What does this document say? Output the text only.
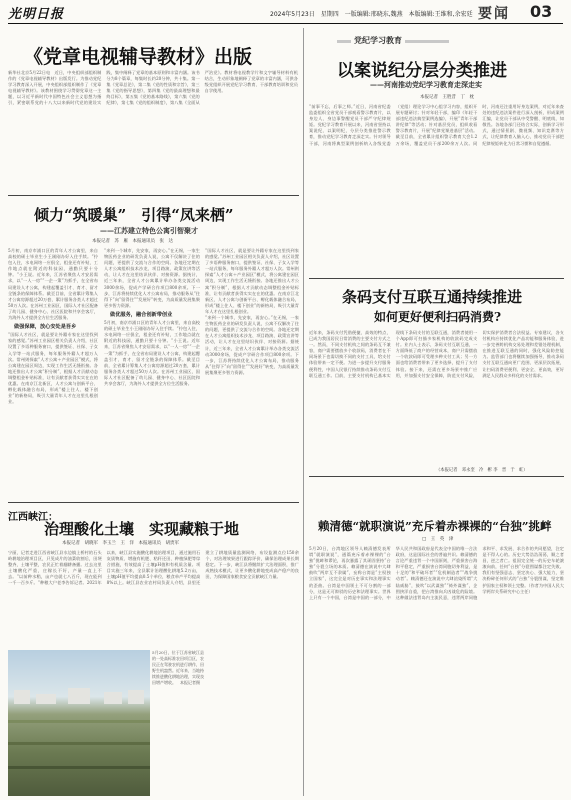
光明日报	2024年5月23日　星期四　一版编辑:邢晓东,魏燕　本版编辑:王维和,余宏廷 要闻 03
《党章电视辅导教材》出版
新华社北京5月22日电　近日，中央组织部组织制作的《党章电视辅导教材》出版发行。为推动党纪学习教育深入开展，中央组织部组织制作了《党章电视辅导教材》。该教材围绕学习贯彻党章这一主题，以习近平新时代中国特色社会主义思想为指引，紧密联系党的十八大以来新时代党的建设实践，集中阐释了党章的基本原则和丰富内涵。该书分为8个篇章，每集时长约20分钟，共十集。第一集《党章总论》，第二集《党的性质和宗旨》，第三集《党的指导思想》，第四集《党的最高理想和最终目标》，第五集《党的基本路线》，第六集《党的纪律》，第七集《党的组织制度》，第八集《全面从严治党》。教材将电视教学片和文字辅导材料有机结合，生动形象地阐释了党章的丰富内涵，可供各级党组织开展党纪学习教育、干部教育培训和党员自学使用。
倾力“筑暖巢”　引得“凤来栖”
——江苏建立特色公寓引智聚才
本报记者　苏　雁　本报通讯员　张　达
5月初，南京市浦口区的青年人才公寓里，来自高校的硕士毕业生小王刚刚办好入住手续。“拎包入住，水电网络一应俱全，租金还有补贴，工作地点就在附近的科技园，通勤只要十分钟。“小王说。近年来，江苏省聚焦人才安居需求，以“一人一房”“一企一策”为抓手，在全省布局建设人才公寓，构建起覆盖引才、育才、留才全链条的保障体系。截至目前，全省累计筹集人才公寓房源超过20万套，累计服务各类人才超过50万人次。在苏州工业园区，国际人才社区配备了幼儿园、健身中心、社区医院和共享会客厅，为海外人才提供全方位生活服务。
做强保障，放心安处是吾乡
“国际人才社区，就是要让外籍专家在这里找到家的感觉。”苏州工业园区相关负责人介绍，社区设置了多语种服务窗口，提供签证、社保、子女入学等一站式服务，每年服务外籍人才超万人次。常州则探索“人才公寓＋产业园区”模式，将公寓建在园区周边，实现工作生活无缝衔接。各地还推出人才公寓“积分制”，根据人才贡献动态调整租金补贴标准，让有贡献者获得实实在在的优惠。在南京江北新区，人才公寓与创新平台、孵化载体融合布局，形成“楼上住人、楼下创业”的新格局，吸引大量青年人才在这里扎根创业。
“来到一个城市，先安家，再安心。”在无锡，一家生物医药企业的研发负责人说，公寓不仅解决了住的问题，更提供了交流与合作的空间。各地还定期在人才公寓组织技术沙龙、项目路演、政策宣讲等活动，让人才在这里结识伙伴、对接资源。据统计，近三年来，全省人才公寓累计举办各类交流活动3000余场，促成产学研合作项目800余项。下一步，江苏将持续优化人才公寓布局，推动服务从“住得下”向“留得住”“发展好”转变，为高质量发展集聚更多智力资源。
做优服务，融合创新带创业
5月初，南京市浦口区的青年人才公寓里，来自高校的硕士毕业生小王刚刚办好入住手续。“拎包入住，水电网络一应俱全，租金还有补贴，工作地点就在附近的科技园，通勤只要十分钟。“小王说。近年来，江苏省聚焦人才安居需求，以“一人一房”“一企一策”为抓手，在全省布局建设人才公寓，构建起覆盖引才、育才、留才全链条的保障体系。截至目前，全省累计筹集人才公寓房源超过20万套，累计服务各类人才超过50万人次。在苏州工业园区，国际人才社区配备了幼儿园、健身中心、社区医院和共享会客厅，为海外人才提供全方位生活服务。
“国际人才社区，就是要让外籍专家在这里找到家的感觉。”苏州工业园区相关负责人介绍，社区设置了多语种服务窗口，提供签证、社保、子女入学等一站式服务，每年服务外籍人才超万人次。常州则探索“人才公寓＋产业园区”模式，将公寓建在园区周边，实现工作生活无缝衔接。各地还推出人才公寓“积分制”，根据人才贡献动态调整租金补贴标准，让有贡献者获得实实在在的优惠。在南京江北新区，人才公寓与创新平台、孵化载体融合布局，形成“楼上住人、楼下创业”的新格局，吸引大量青年人才在这里扎根创业。
“来到一个城市，先安家，再安心。”在无锡，一家生物医药企业的研发负责人说，公寓不仅解决了住的问题，更提供了交流与合作的空间。各地还定期在人才公寓组织技术沙龙、项目路演、政策宣讲等活动，让人才在这里结识伙伴、对接资源。据统计，近三年来，全省人才公寓累计举办各类交流活动3000余场，促成产学研合作项目800余项。下一步，江苏将持续优化人才公寓布局，推动服务从“住得下”向“留得住”“发展好”转变，为高质量发展集聚更多智力资源。
江西峡江：
治理酸化土壤　实现藏粮于地
本报记者　胡晓军　李玉兰　王　洋　本报通讯员　胡贵军
宁丽，记者走进江西省峡江县水边镇上桥村的石头岭耕地治理项目区，只见成片的油菜收割后，田埂整齐，土壤平整，农民正忙着翻耕备播。过去这里土壤酸化严重，庄稼长不好，产量一直上不去。“以前种水稻，亩产也就七八百斤，现在能到一千一百多斤。“种粮大户老李告诉记者。2021年以来，峡江县实施酸化耕地治理项目，通过施用石灰质物质、增施有机肥、秸秆还田、种植绿肥等综合措施，有效提高了土壤pH值和有机质含量。项目实施三年来，全县累计治理酸化耕地5.2万亩，土壤pH值平均提高0.5个单位，粮食单产平均提高8%以上。峡江县农业农村局负责人介绍，县里还建立了耕地质量监测网络，布设监测点位150余个，对治理效果进行跟踪评价，确保治理成果长期稳定。下一步，峡江县将继续扩大治理面积，推广成熟技术模式，让更多酸化耕地变成高产稳产的良田，为保障国家粮食安全贡献峡江力量。
5月20日，位于江苏省峡江县的一处高标准农田项目区，农民正在驾驶农机进行耕作，田野生机盎然。近年来，当地持续推进酸化耕地治理，实现良田增产增收。　本报记者摄
党纪学习教育
以案说纪分层分类推进
——河南推动党纪学习教育走深走实
本报记者　王胜昔　丁　枕
“前事不忘，后事之师。”近日，河南省纪委监委组织全省党员干部观看警示教育片，以身边人、身边事警醒党员干部严守纪律规矩。党纪学习教育开展以来，河南省坚持以案说纪、以案明纪，分层分类推进警示教育，推动党纪学习教育走深走实。针对领导干部，河南将典型案例剖析纳入各级党委（党组）理论学习中心组学习内容，组织开展专题研讨；针对年轻干部，编印《年轻干部违纪违法典型案例选编》，开展“青年干部讲纪律”等活动；针对基层党员，组织收看警示教育片，开展“纪律党课进基层”活动。截至目前，全省累计组织警示教育大会1.2万余场，覆盖党员干部200余万人次。同时，河南还注重用好身边案例，对近年来查处的违纪违法案件进行深入剖析，形成案例汇编，让党员干部从中受警醒、明底线、知敬畏。各地各部门还结合实际，创新学习形式，通过情景剧、微视频、知识竞赛等方式，让纪律教育入脑入心，推动党员干部把纪律规矩转化为日常习惯和自觉遵循。
条码支付互联互通持续推进
如何更好便利扫码消费?
近年来，条码支付凭借便捷、高效的特点，已成为我国居民日常消费的主要支付方式之一。然而，不同支付机构之间的条码互不兼容，商户需要摆放多个收款码，消费者在不同场景下也需切换不同的支付工具，给支付体验带来一定不便。为进一步提升支付服务便利性，中国人民银行持续推动条码支付互联互通工作。目前，主要支付机构已基本实现线下条码支付的互联互通，消费者使用一个App即可扫描多家机构的收款码完成支付。业内人士表示，条码支付互联互通，一方面降低了商户的经营成本，商户只需摆放一个收款码即可受理多种支付工具；另一方面也给消费者带来了更多选择，提升了支付体验。接下来，还需在更多场景中推广应用，并加强支付安全保障，防范支付风险，切实保护消费者合法权益。专家建议，各支付机构应持续优化产品功能和服务体验，进一步完善跨机构交易处理和差错处理机制，在推进互联互通的同时，强化风险防控能力。监管部门也将继续加强指导，推动条码支付互联互通向更广范围、更深层次拓展，让扫码消费更便利、更安全、更高效，更好满足人民群众多样化的支付需求。
（本报记者　邓永奎　冷　彬 李　晋　于　虹）
赖清德“就职演说”充斥着赤裸裸的“台独”挑衅
□　王　英　津
5月20日，台湾地区领导人赖清德发表所谓“就职演说”，通篇充斥着赤裸裸的“台独”挑衅和谬论，再次暴露了其顽固坚持“台独”分裂立场的本质。赖清德在演说中大肆鼓吹“两岸互不隶属”，妄称台湾是“主权独立国家”，这完全是对历史事实和法理事实的歪曲。台湾是中国领土不可分割的一部分，这是无可辩驳的历史和法理事实。世界上只有一个中国，台湾是中国的一部分，中华人民共和国政府是代表全中国的唯一合法政府，这是国际社会的普遍共识。赖清德的言论严重违背一个中国原则，严重损害台海和平稳定，严重损害台湾同胞切身利益，是十足的“和平破坏者”“危机制造者”“战争挑动者”。赖清德还在演说中大肆渲染所谓“大陆威胁”，鼓吹“以武谋独”“倚外谋独”，企图挟洋自重，把台湾推向兵凶战危的险境。这种做法违背岛内主流民意，违背两岸同胞求和平、求发展、求合作的共同愿望，注定是不得人心的。历史大势浩浩荡荡，顺之者昌，逆之者亡。祖国完全统一的历史车轮滚滚向前，任何“台独”分裂图谋都注定失败。我们有坚强意志、坚定决心、强大能力，坚决粉碎任何形式的“台独”分裂图谋，坚定维护国家主权和领土完整。（作者为中国人民大学两岸关系研究中心主任）
